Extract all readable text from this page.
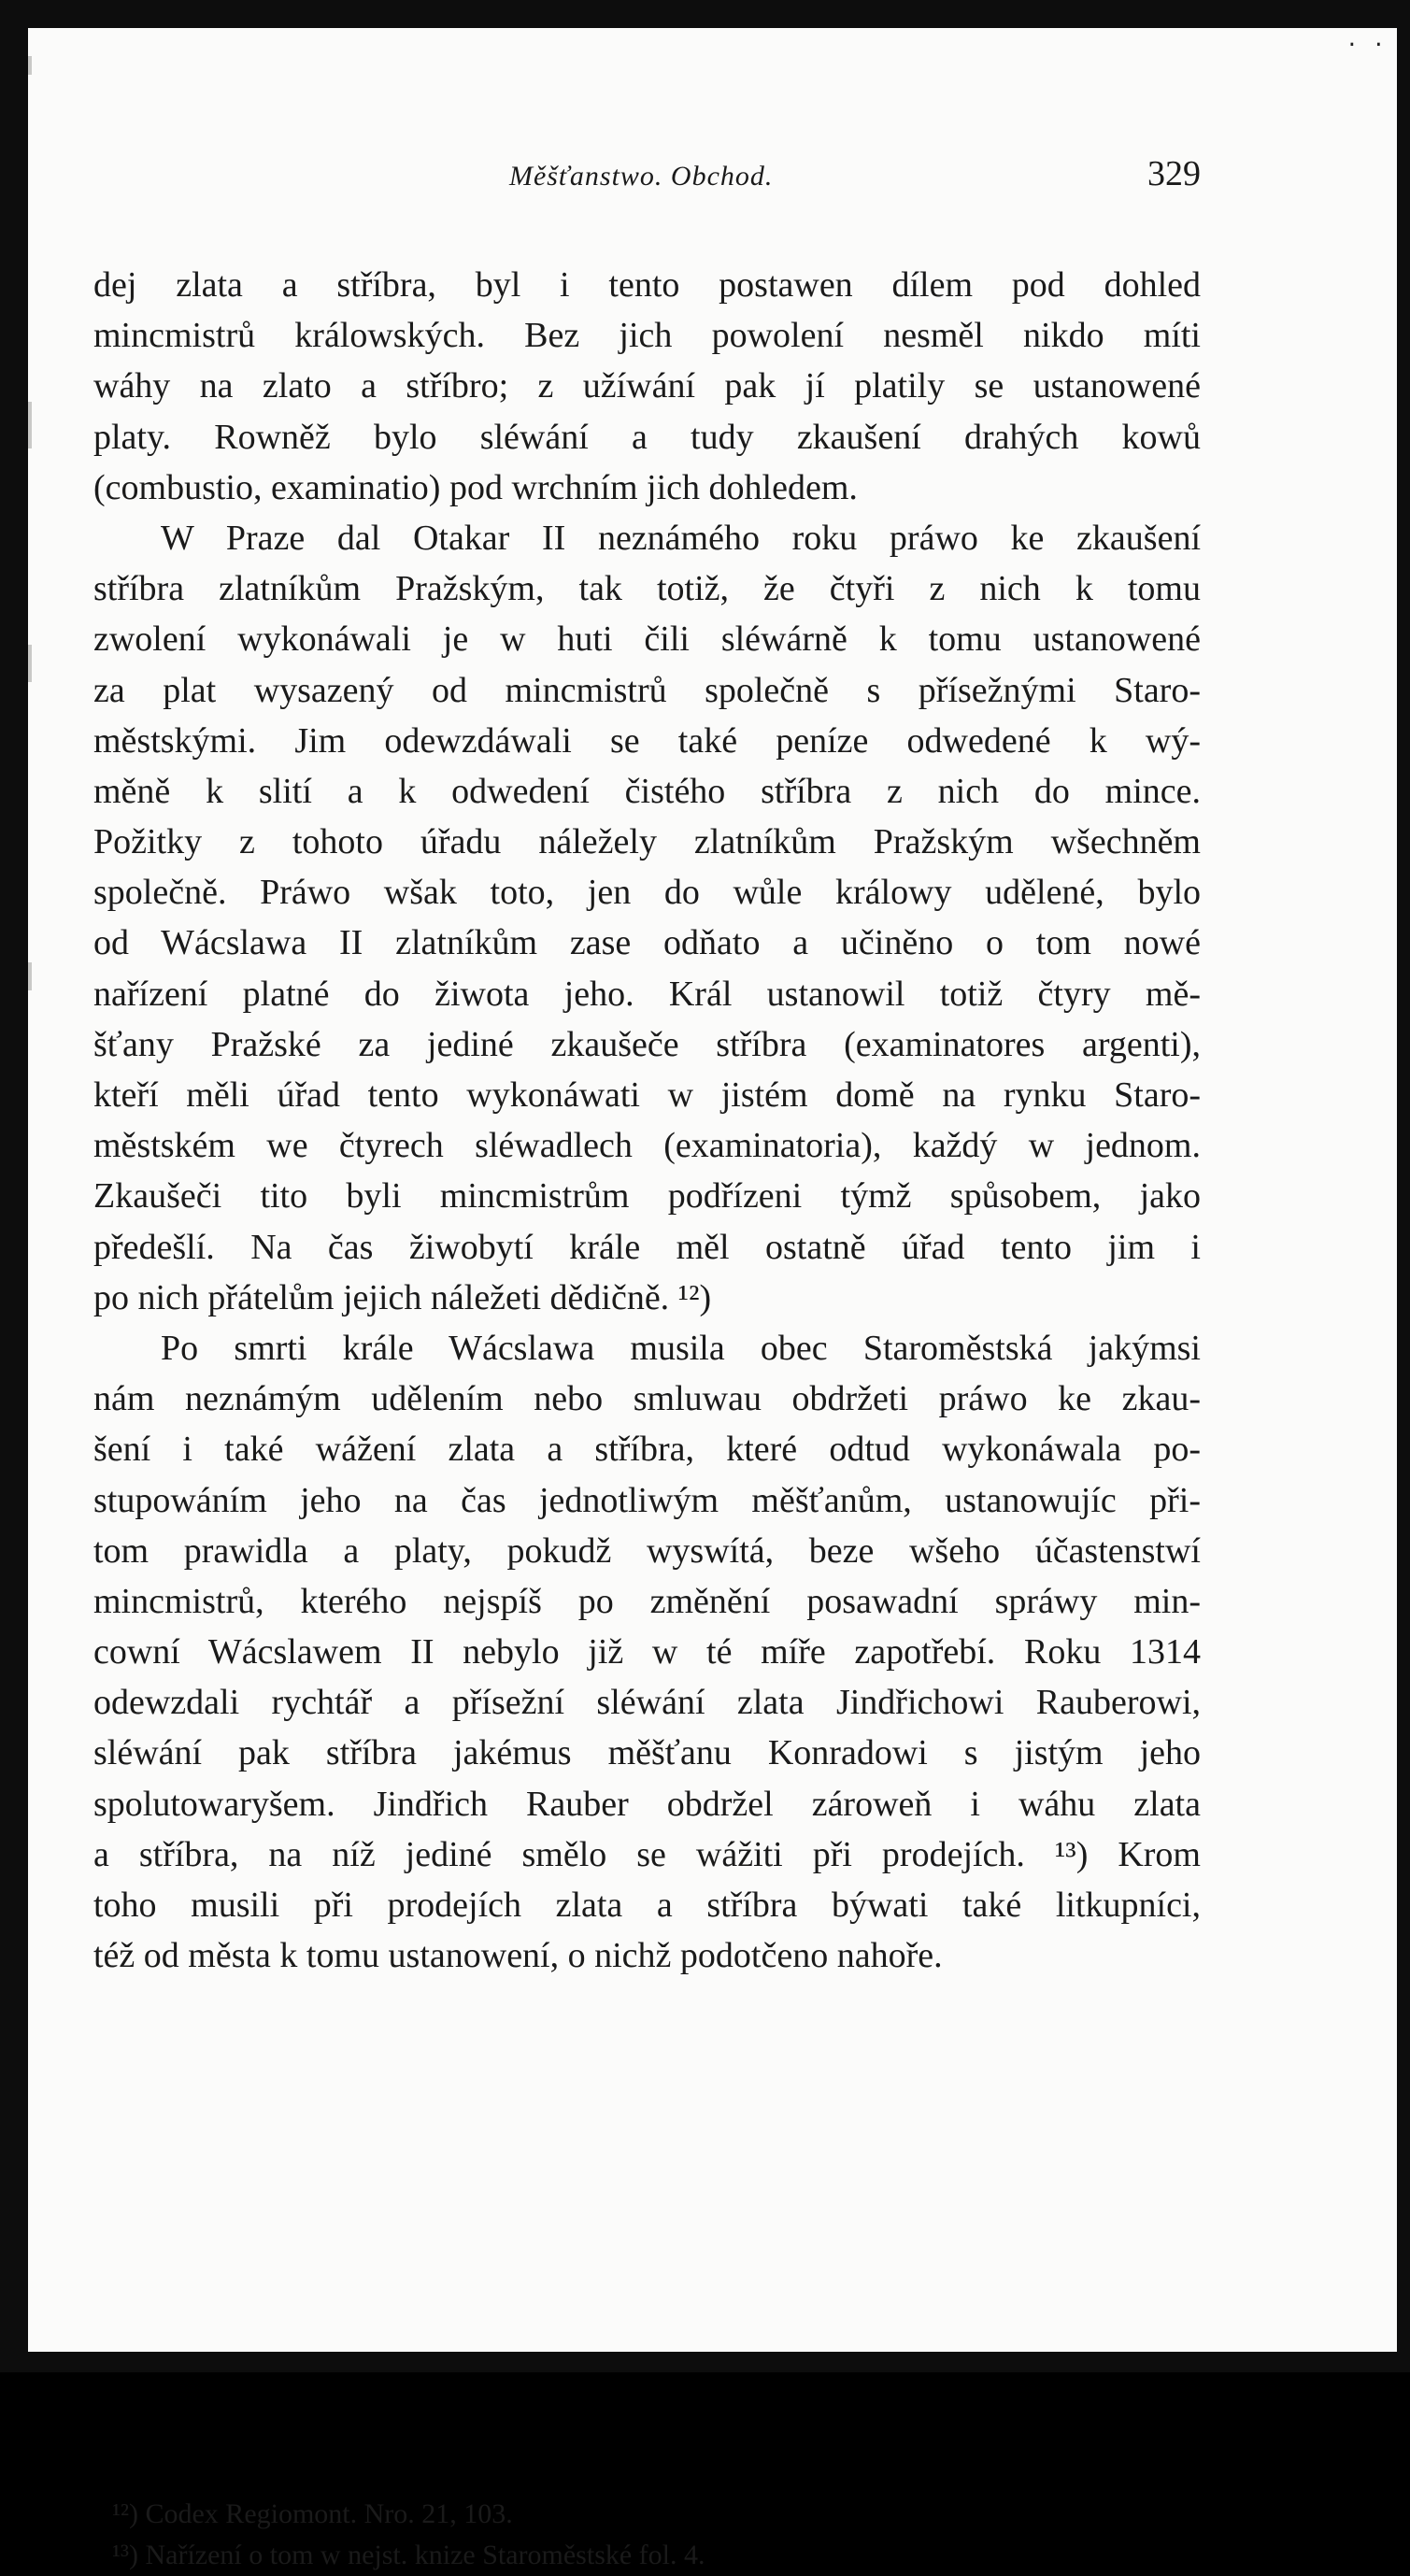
· ·
Měšťanstwo. Obchod.	329
dej zlata a stříbra, byl i tento postawen dílem pod dohled
mincmistrů králowských. Bez jich powolení nesměl nikdo míti
wáhy na zlato a stříbro; z užíwání pak jí platily se ustanowené
platy. Rowněž bylo sléwání a tudy zkaušení drahých kowů
(combustio, examinatio) pod wrchním jich dohledem.
W Praze dal Otakar II neznámého roku práwo ke zkaušení
stříbra zlatníkům Pražským, tak totiž, že čtyři z nich k tomu
zwolení wykonáwali je w huti čili sléwárně k tomu ustanowené
za plat wysazený od mincmistrů společně s přísežnými Staro-
městskými. Jim odewzdáwali se také peníze odwedené k wý-
měně k slití a k odwedení čistého stříbra z nich do mince.
Požitky z tohoto úřadu náležely zlatníkům Pražským wšechněm
společně. Práwo wšak toto, jen do wůle králowy udělené, bylo
od Wácslawa II zlatníkům zase odňato a učiněno o tom nowé
nařízení platné do žiwota jeho. Král ustanowil totiž čtyry mě-
šťany Pražské za jediné zkaušeče stříbra (examinatores argenti),
kteří měli úřad tento wykonáwati w jistém domě na rynku Staro-
městském we čtyrech sléwadlech (examinatoria), každý w jednom.
Zkaušeči tito byli mincmistrům podřízeni týmž spůsobem, jako
předešlí. Na čas žiwobytí krále měl ostatně úřad tento jim i
po nich přátelům jejich náležeti dědičně. ¹²)
Po smrti krále Wácslawa musila obec Staroměstská jakýmsi
nám neznámým udělením nebo smluwau obdržeti práwo ke zkau-
šení i také wážení zlata a stříbra, které odtud wykonáwala po-
stupowáním jeho na čas jednotliwým měšťanům, ustanowujíc při-
tom prawidla a platy, pokudž wyswítá, beze wšeho účastenstwí
mincmistrů, kterého nejspíš po změnění posawadní spráwy min-
cowní Wácslawem II nebylo již w té míře zapotřebí. Roku 1314
odewzdali rychtář a přísežní sléwání zlata Jindřichowi Rauberowi,
sléwání pak stříbra jakémus měšťanu Konradowi s jistým jeho
spolutowaryšem. Jindřich Rauber obdržel zároweň i wáhu zlata
a stříbra, na níž jediné smělo se wážiti při prodejích. ¹³) Krom
toho musili při prodejích zlata a stříbra býwati také litkupníci,
též od města k tomu ustanowení, o nichž podotčeno nahoře.
¹²) Codex Regiomont. Nro. 21, 103.
¹³) Nařízení o tom w nejst. knize Staroměstské fol. 4.
